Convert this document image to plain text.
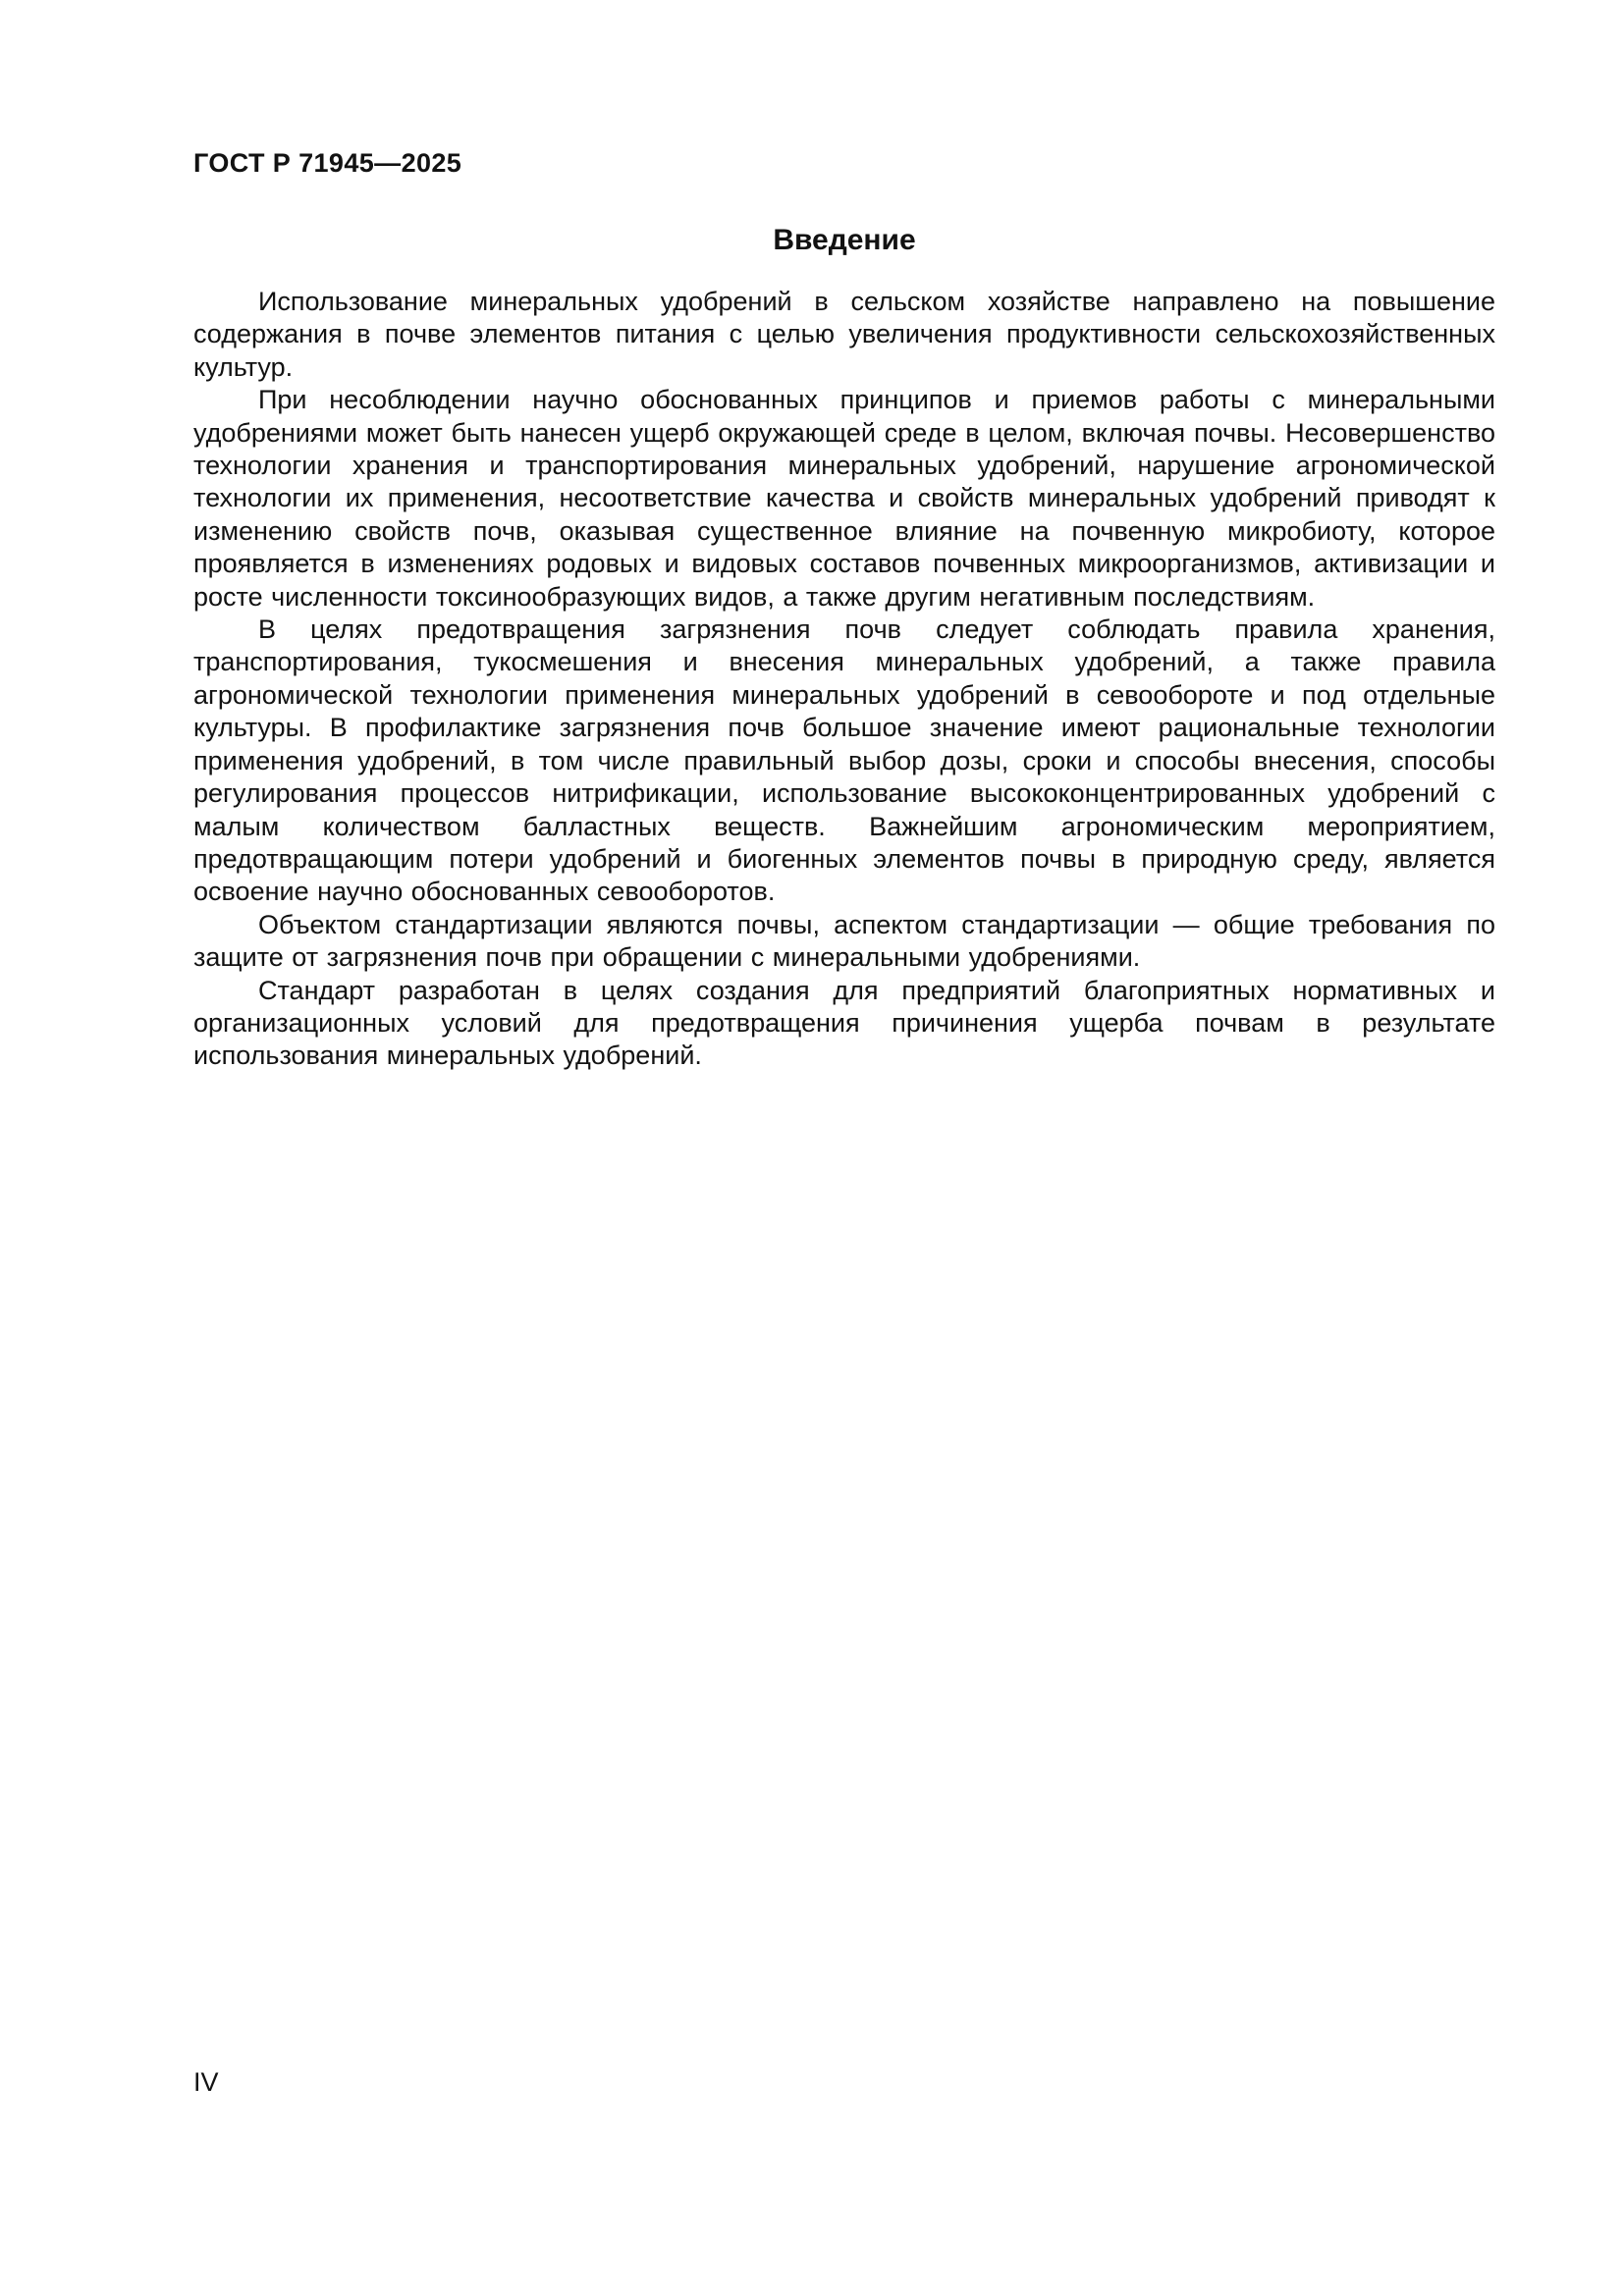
ГОСТ Р 71945—2025
Введение

Использование минеральных удобрений в сельском хозяйстве направлено на повышение содержания в почве элементов питания с целью увеличения продуктивности сельскохозяйственных культур.

При несоблюдении научно обоснованных принципов и приемов работы с минеральными удобрениями может быть нанесен ущерб окружающей среде в целом, включая почвы. Несовершенство технологии хранения и транспортирования минеральных удобрений, нарушение агрономической технологии их применения, несоответствие качества и свойств минеральных удобрений приводят к изменению свойств почв, оказывая существенное влияние на почвенную микробиоту, которое проявляется в изменениях родовых и видовых составов почвенных микроорганизмов, активизации и росте численности токсинообразующих видов, а также другим негативным последствиям.

В целях предотвращения загрязнения почв следует соблюдать правила хранения, транспортирования, тукосмешения и внесения минеральных удобрений, а также правила агрономической технологии применения минеральных удобрений в севообороте и под отдельные культуры. В профилактике загрязнения почв большое значение имеют рациональные технологии применения удобрений, в том числе правильный выбор дозы, сроки и способы внесения, способы регулирования процессов нитрификации, использование высококонцентрированных удобрений с малым количеством балластных веществ. Важнейшим агрономическим мероприятием, предотвращающим потери удобрений и биогенных элементов почвы в природную среду, является освоение научно обоснованных севооборотов.

Объектом стандартизации являются почвы, аспектом стандартизации — общие требования по защите от загрязнения почв при обращении с минеральными удобрениями.

Стандарт разработан в целях создания для предприятий благоприятных нормативных и организационных условий для предотвращения причинения ущерба почвам в результате использования минеральных удобрений.

IV
